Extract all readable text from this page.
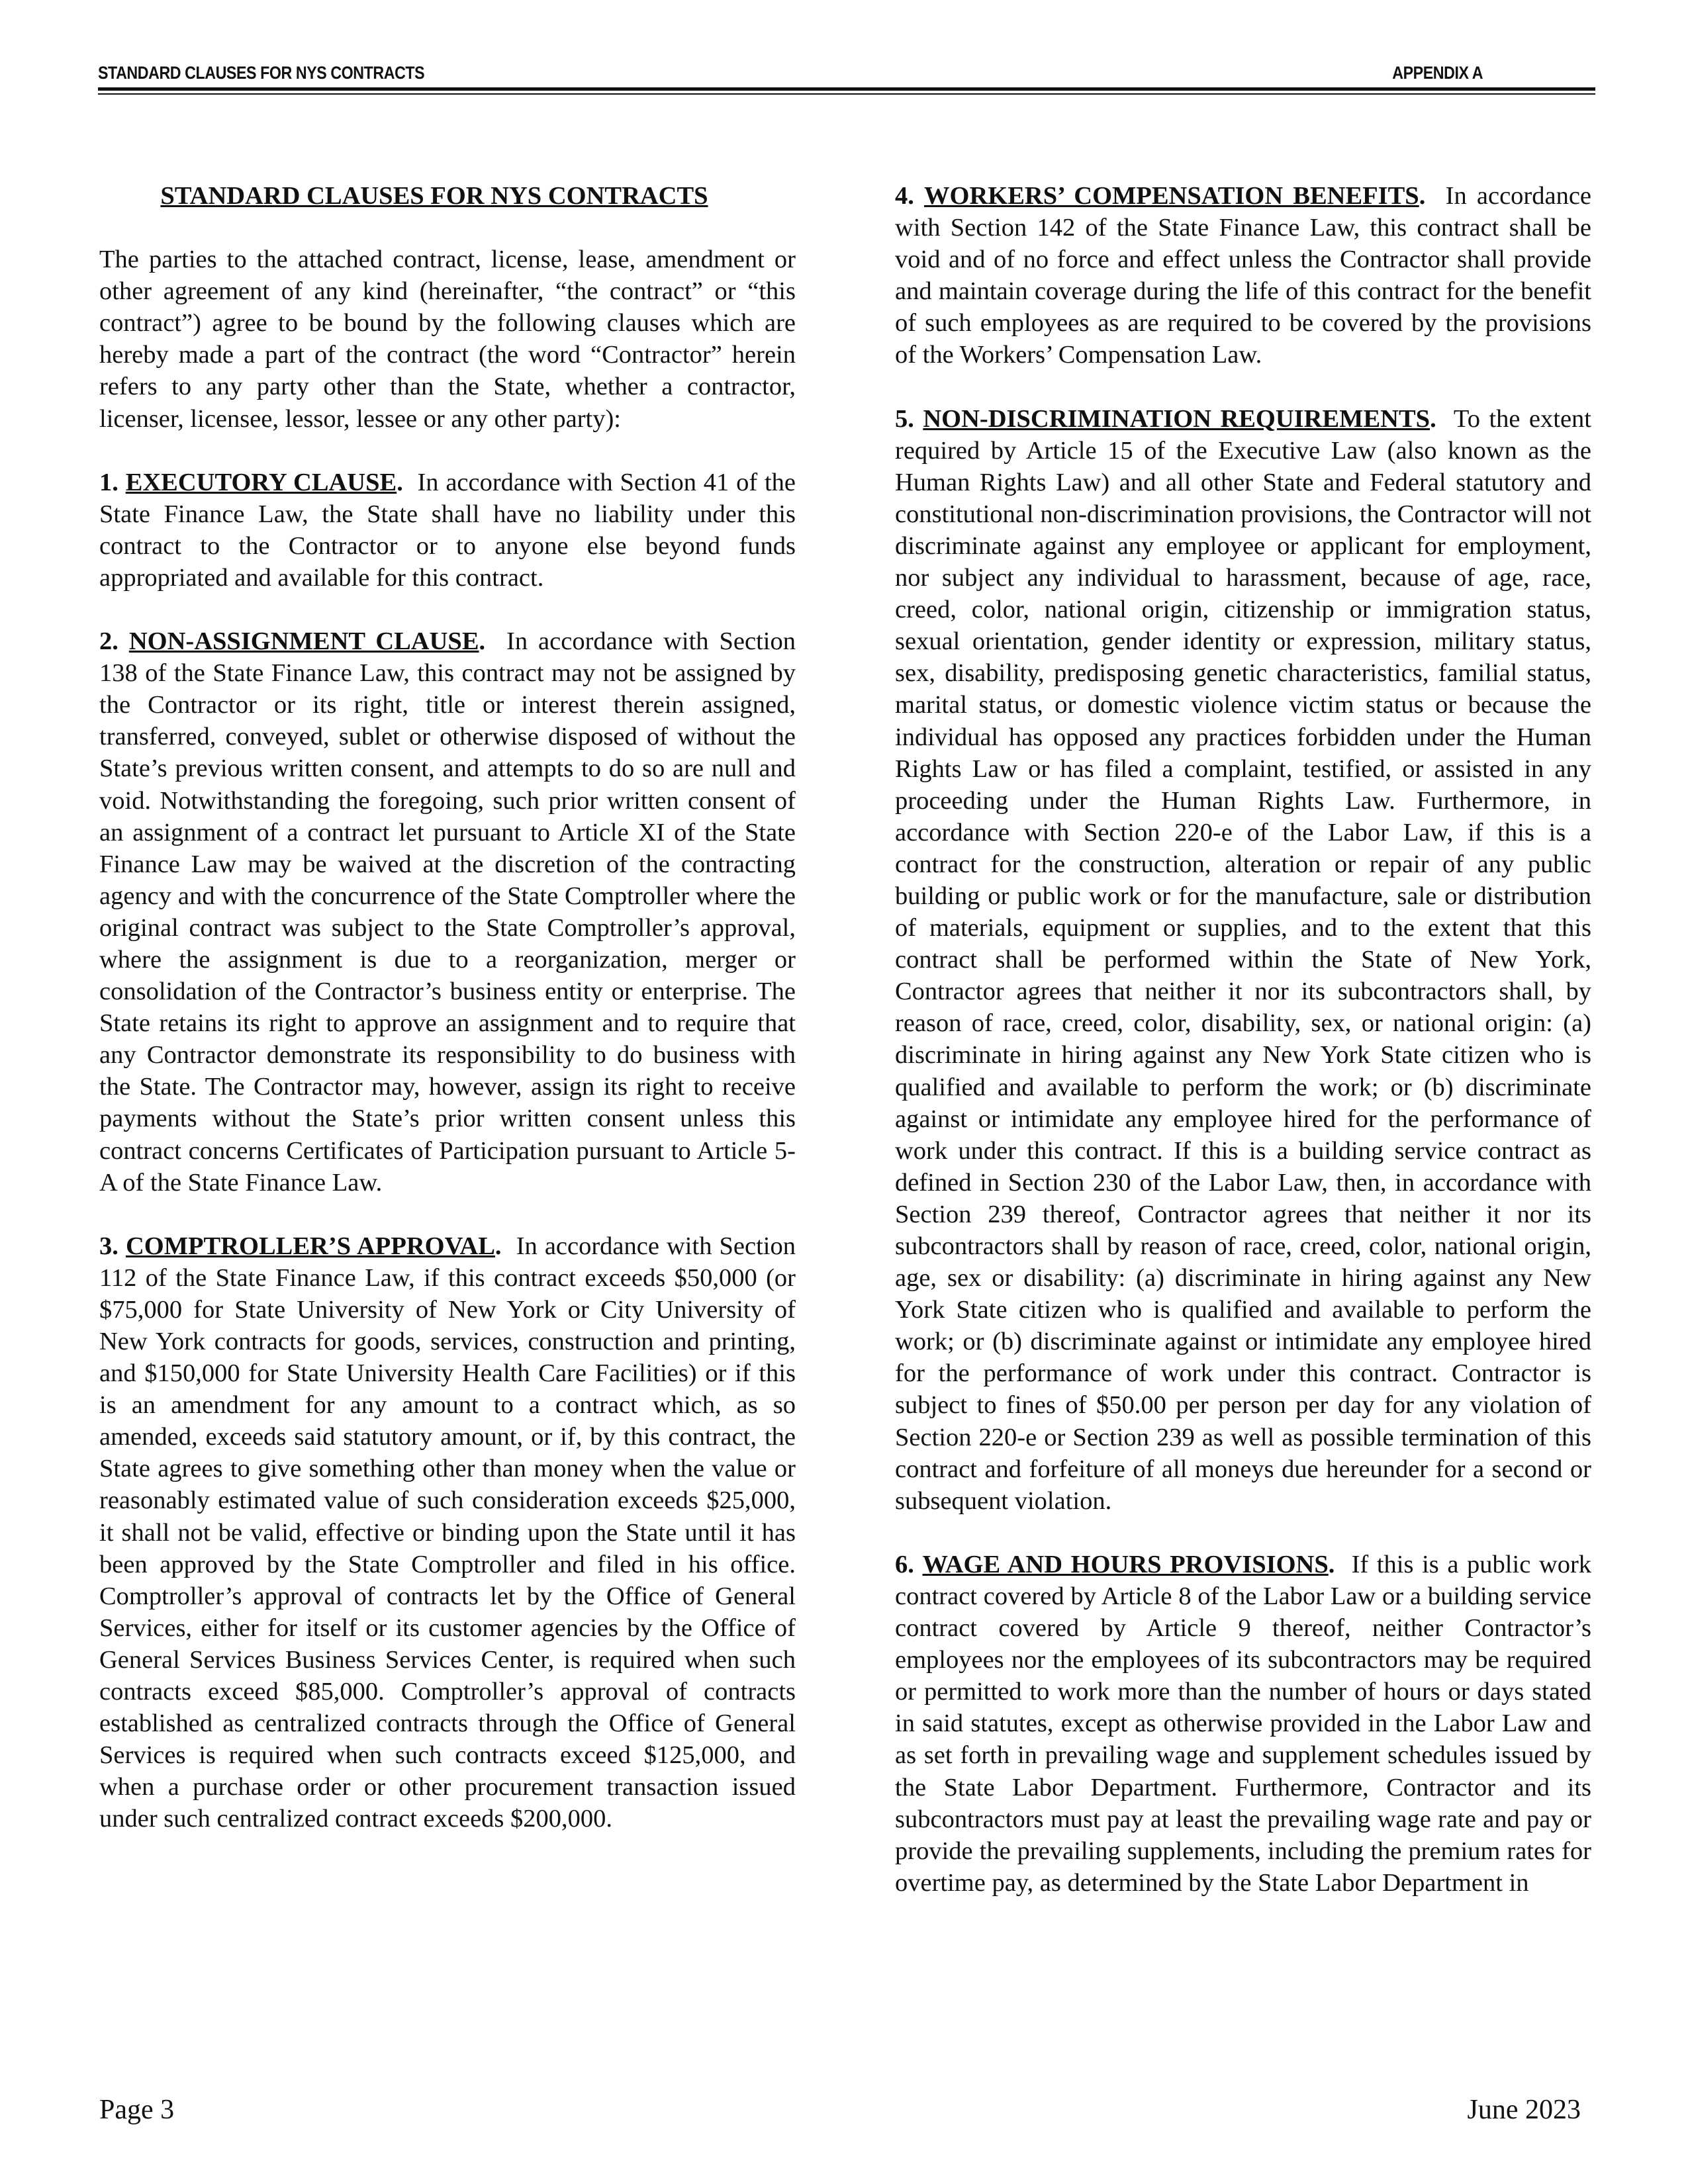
STANDARD CLAUSES FOR NYS CONTRACTS	APPENDIX A

STANDARD CLAUSES FOR NYS CONTRACTS

The parties to the attached contract, license, lease, amendment or other agreement of any kind (hereinafter, “the contract” or “this contract”) agree to be bound by the following clauses which are hereby made a part of the contract (the word “Contractor” herein refers to any party other than the State, whether a contractor, licenser, licensee, lessor, lessee or any other party):

1. EXECUTORY CLAUSE. In accordance with Section 41 of the State Finance Law, the State shall have no liability under this contract to the Contractor or to anyone else beyond funds appropriated and available for this contract.

2. NON-ASSIGNMENT CLAUSE. In accordance with Section 138 of the State Finance Law, this contract may not be assigned by the Contractor or its right, title or interest therein assigned, transferred, conveyed, sublet or otherwise disposed of without the State’s previous written consent, and attempts to do so are null and void. Notwithstanding the foregoing, such prior written consent of an assignment of a contract let pursuant to Article XI of the State Finance Law may be waived at the discretion of the contracting agency and with the concurrence of the State Comptroller where the original contract was subject to the State Comptroller’s approval, where the assignment is due to a reorganization, merger or consolidation of the Contractor’s business entity or enterprise. The State retains its right to approve an assignment and to require that any Contractor demonstrate its responsibility to do business with the State. The Contractor may, however, assign its right to receive payments without the State’s prior written consent unless this contract concerns Certificates of Participation pursuant to Article 5-A of the State Finance Law.

3. COMPTROLLER’S APPROVAL. In accordance with Section 112 of the State Finance Law, if this contract exceeds $50,000 (or $75,000 for State University of New York or City University of New York contracts for goods, services, construction and printing, and $150,000 for State University Health Care Facilities) or if this is an amendment for any amount to a contract which, as so amended, exceeds said statutory amount, or if, by this contract, the State agrees to give something other than money when the value or reasonably estimated value of such consideration exceeds $25,000, it shall not be valid, effective or binding upon the State until it has been approved by the State Comptroller and filed in his office. Comptroller’s approval of contracts let by the Office of General Services, either for itself or its customer agencies by the Office of General Services Business Services Center, is required when such contracts exceed $85,000. Comptroller’s approval of contracts established as centralized contracts through the Office of General Services is required when such contracts exceed $125,000, and when a purchase order or other procurement transaction issued under such centralized contract exceeds $200,000.

4. WORKERS’ COMPENSATION BENEFITS. In accordance with Section 142 of the State Finance Law, this contract shall be void and of no force and effect unless the Contractor shall provide and maintain coverage during the life of this contract for the benefit of such employees as are required to be covered by the provisions of the Workers’ Compensation Law.

5. NON-DISCRIMINATION REQUIREMENTS. To the extent required by Article 15 of the Executive Law (also known as the Human Rights Law) and all other State and Federal statutory and constitutional non-discrimination provisions, the Contractor will not discriminate against any employee or applicant for employment, nor subject any individual to harassment, because of age, race, creed, color, national origin, citizenship or immigration status, sexual orientation, gender identity or expression, military status, sex, disability, predisposing genetic characteristics, familial status, marital status, or domestic violence victim status or because the individual has opposed any practices forbidden under the Human Rights Law or has filed a complaint, testified, or assisted in any proceeding under the Human Rights Law. Furthermore, in accordance with Section 220-e of the Labor Law, if this is a contract for the construction, alteration or repair of any public building or public work or for the manufacture, sale or distribution of materials, equipment or supplies, and to the extent that this contract shall be performed within the State of New York, Contractor agrees that neither it nor its subcontractors shall, by reason of race, creed, color, disability, sex, or national origin: (a) discriminate in hiring against any New York State citizen who is qualified and available to perform the work; or (b) discriminate against or intimidate any employee hired for the performance of work under this contract. If this is a building service contract as defined in Section 230 of the Labor Law, then, in accordance with Section 239 thereof, Contractor agrees that neither it nor its subcontractors shall by reason of race, creed, color, national origin, age, sex or disability: (a) discriminate in hiring against any New York State citizen who is qualified and available to perform the work; or (b) discriminate against or intimidate any employee hired for the performance of work under this contract. Contractor is subject to fines of $50.00 per person per day for any violation of Section 220-e or Section 239 as well as possible termination of this contract and forfeiture of all moneys due hereunder for a second or subsequent violation.

6. WAGE AND HOURS PROVISIONS. If this is a public work contract covered by Article 8 of the Labor Law or a building service contract covered by Article 9 thereof, neither Contractor’s employees nor the employees of its subcontractors may be required or permitted to work more than the number of hours or days stated in said statutes, except as otherwise provided in the Labor Law and as set forth in prevailing wage and supplement schedules issued by the State Labor Department. Furthermore, Contractor and its subcontractors must pay at least the prevailing wage rate and pay or provide the prevailing supplements, including the premium rates for overtime pay, as determined by the State Labor Department in

Page 3	June 2023
